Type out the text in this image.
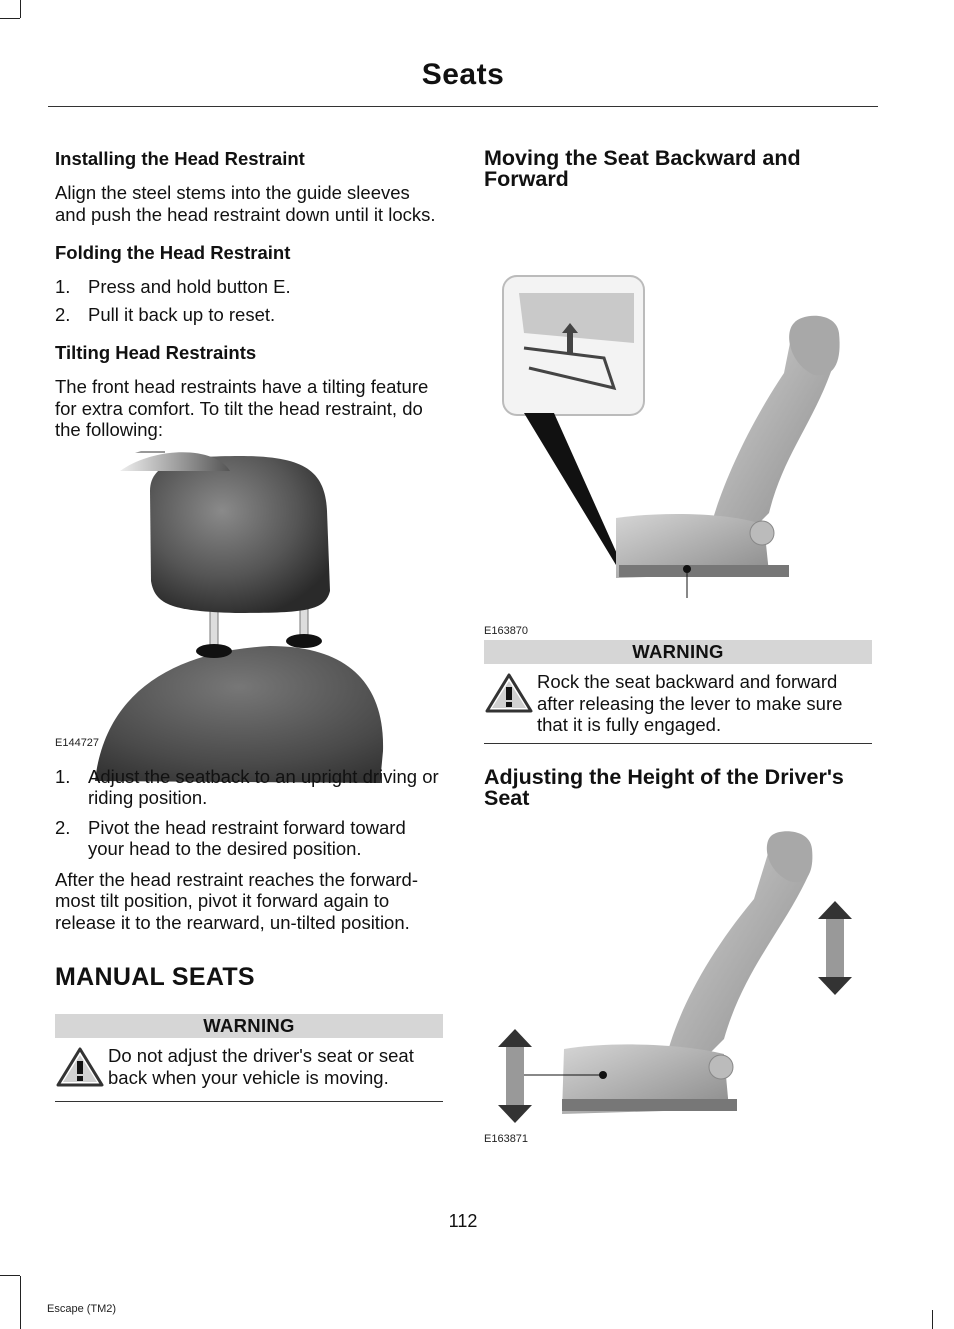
Seats
Installing the Head Restraint

Align the steel stems into the guide sleeves and push the head restraint down until it locks.

Folding the Head Restraint
1. Press and hold button E.
2. Pull it back up to reset.
Tilting Head Restraints

The front head restraints have a tilting feature for extra comfort. To tilt the head restraint, do the following:

E144727
1. Adjust the seatback to an upright driving or riding position.
2. Pivot the head restraint forward toward your head to the desired position.

After the head restraint reaches the forward-most tilt position, pivot it forward again to release it to the rearward, un-tilted position.

MANUAL SEATS
WARNING
Do not adjust the driver's seat or seat back when your vehicle is moving.
Moving the Seat Backward and Forward
E163870
WARNING
Rock the seat backward and forward after releasing the lever to make sure that it is fully engaged.
Adjusting the Height of the Driver's Seat
E163871
112
Escape (TM2)
